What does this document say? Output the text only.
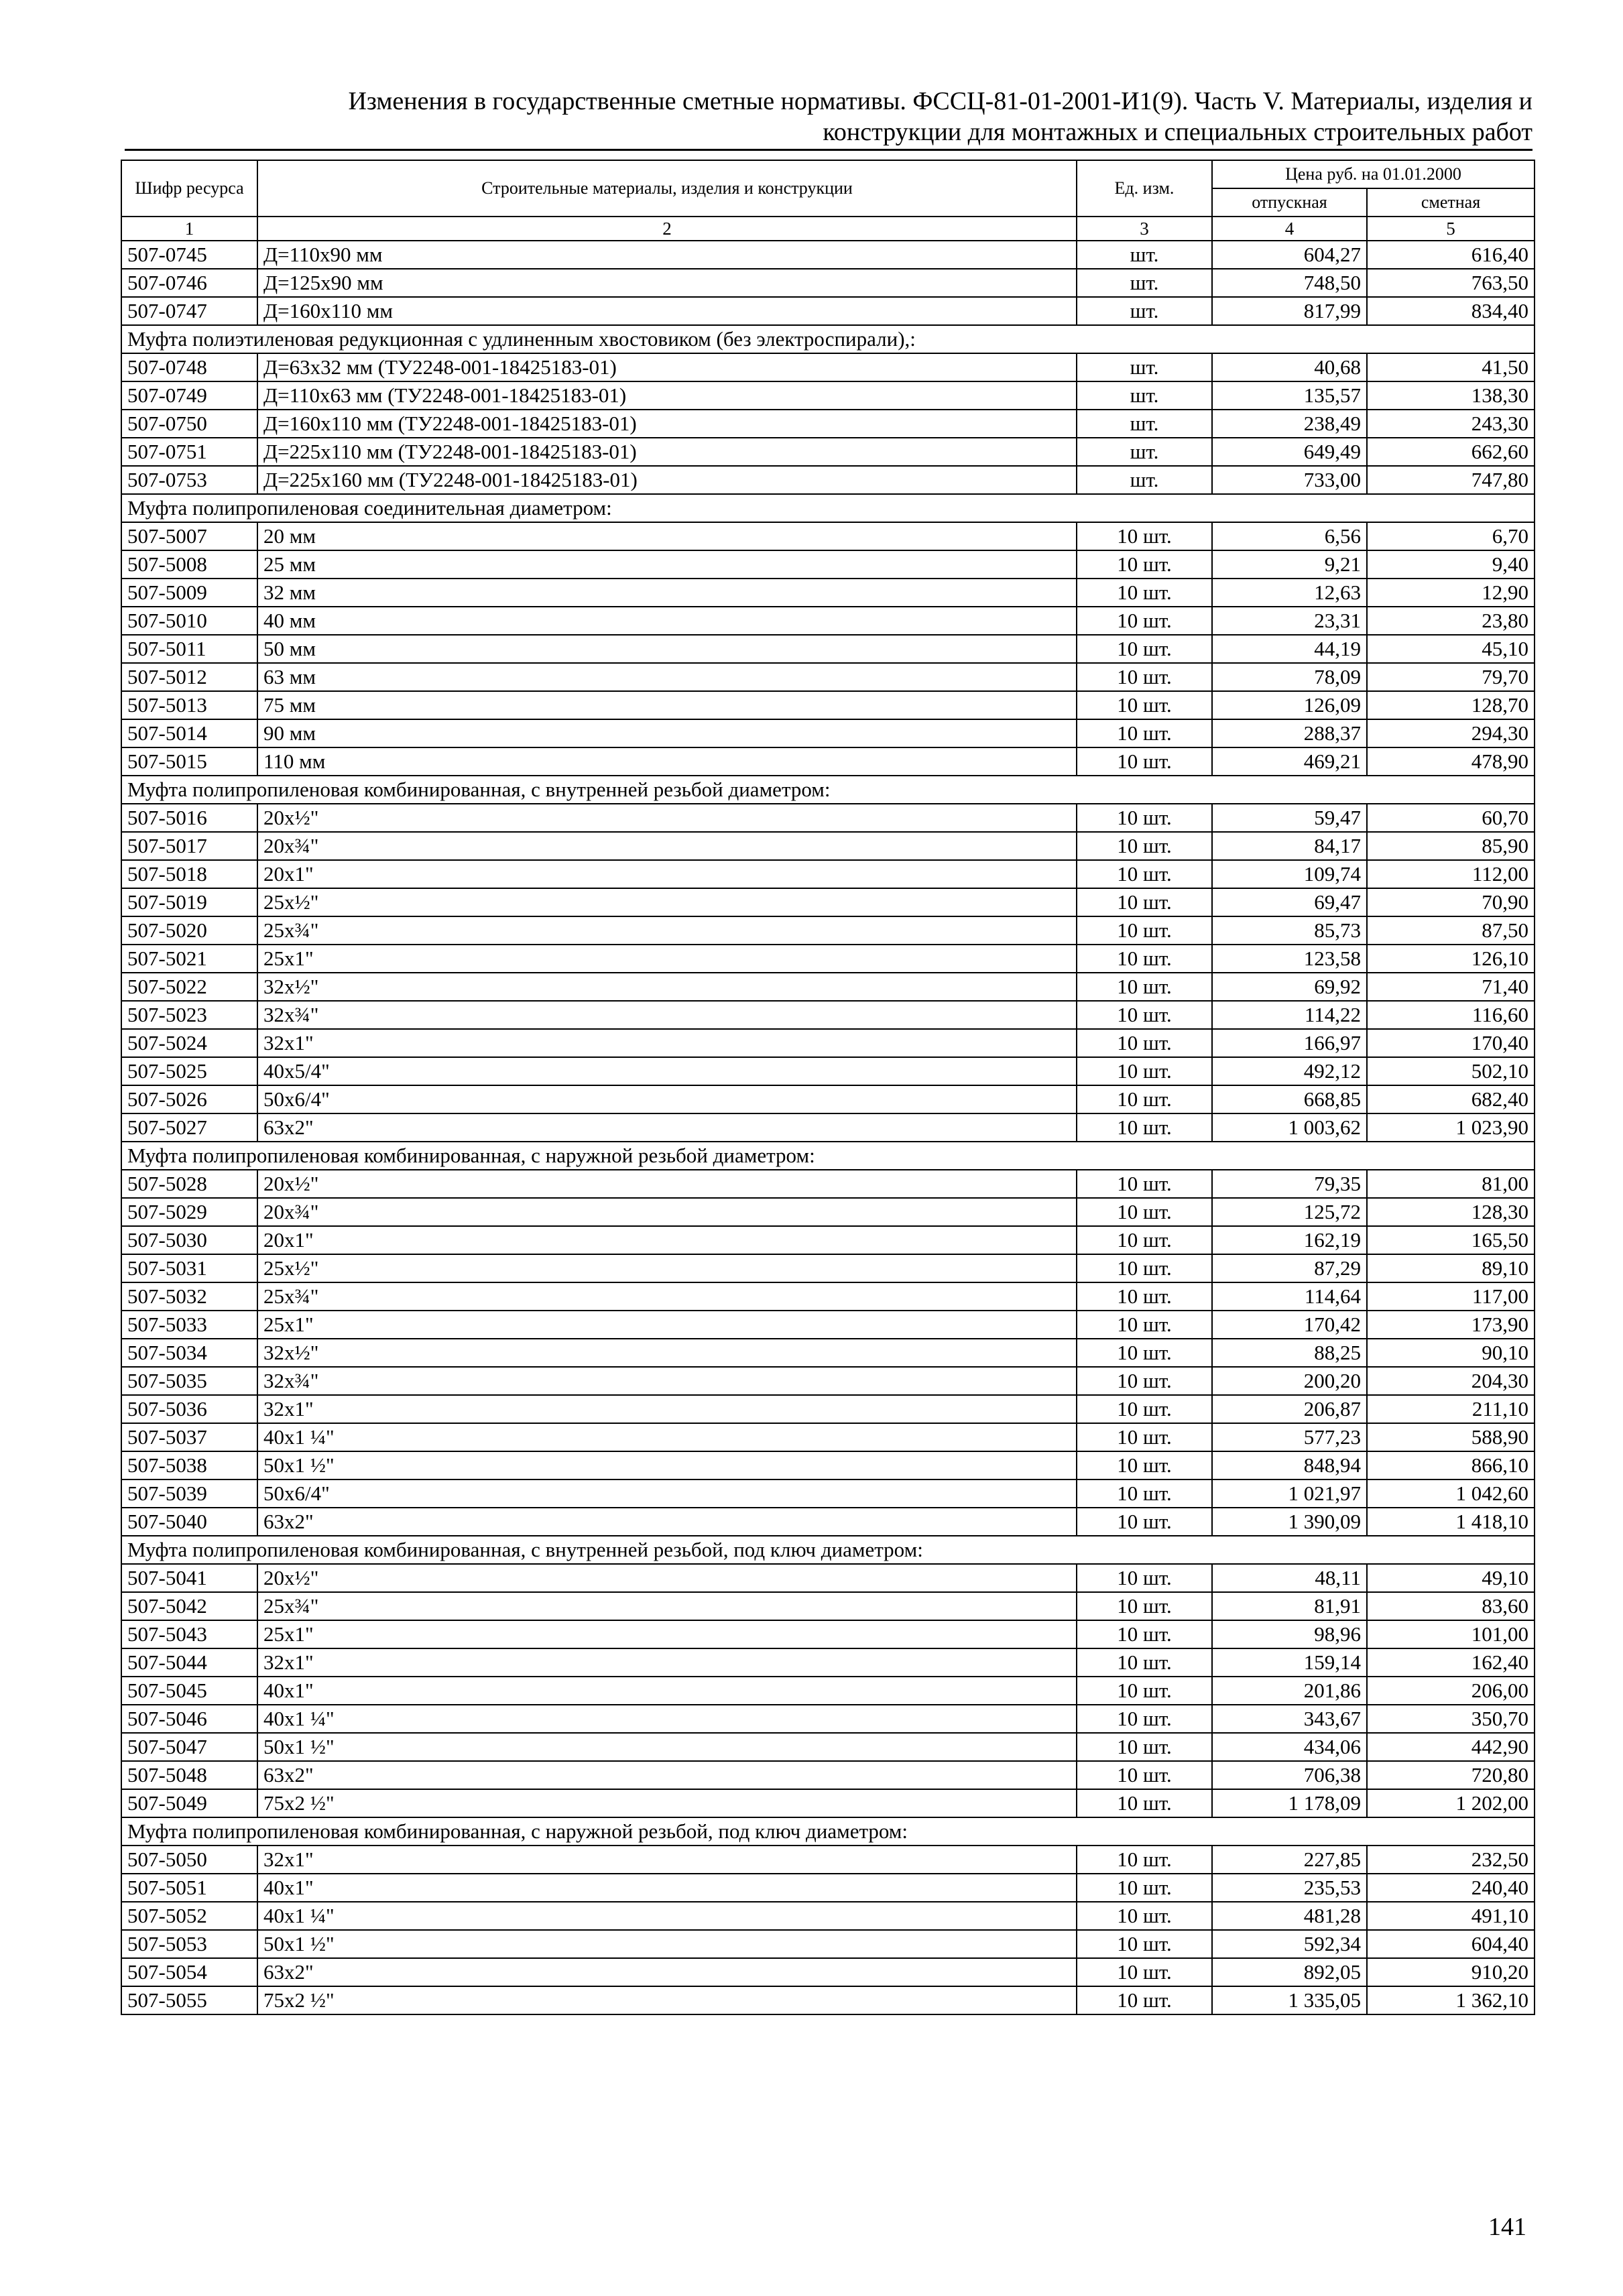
Изменения в государственные сметные нормативы. ФССЦ-81-01-2001-И1(9). Часть V. Материалы, изделия и
конструкции для монтажных и специальных строительных работ
Шифр ресурса	Строительные материалы, изделия и конструкции	Ед. изм.	Цена руб. на 01.01.2000	
			отпускная	сметная
1	2	3	4	5
507-0745	Д=110х90 мм	шт.	604,27	616,40
507-0746	Д=125х90 мм	шт.	748,50	763,50
507-0747	Д=160х110 мм	шт.	817,99	834,40
Муфта полиэтиленовая редукционная с удлиненным хвостовиком (без электроспирали),:				
507-0748	Д=63х32 мм (ТУ2248-001-18425183-01)	шт.	40,68	41,50
507-0749	Д=110х63 мм (ТУ2248-001-18425183-01)	шт.	135,57	138,30
507-0750	Д=160х110 мм (ТУ2248-001-18425183-01)	шт.	238,49	243,30
507-0751	Д=225х110 мм (ТУ2248-001-18425183-01)	шт.	649,49	662,60
507-0753	Д=225х160 мм (ТУ2248-001-18425183-01)	шт.	733,00	747,80
Муфта полипропиленовая соединительная диаметром:				
507-5007	20 мм	10 шт.	6,56	6,70
507-5008	25 мм	10 шт.	9,21	9,40
507-5009	32 мм	10 шт.	12,63	12,90
507-5010	40 мм	10 шт.	23,31	23,80
507-5011	50 мм	10 шт.	44,19	45,10
507-5012	63 мм	10 шт.	78,09	79,70
507-5013	75 мм	10 шт.	126,09	128,70
507-5014	90 мм	10 шт.	288,37	294,30
507-5015	110 мм	10 шт.	469,21	478,90
Муфта полипропиленовая комбинированная, с внутренней резьбой диаметром:				
507-5016	20х½"	10 шт.	59,47	60,70
507-5017	20х¾"	10 шт.	84,17	85,90
507-5018	20х1"	10 шт.	109,74	112,00
507-5019	25х½"	10 шт.	69,47	70,90
507-5020	25х¾"	10 шт.	85,73	87,50
507-5021	25х1"	10 шт.	123,58	126,10
507-5022	32х½"	10 шт.	69,92	71,40
507-5023	32х¾"	10 шт.	114,22	116,60
507-5024	32х1"	10 шт.	166,97	170,40
507-5025	40х5/4"	10 шт.	492,12	502,10
507-5026	50х6/4"	10 шт.	668,85	682,40
507-5027	63х2"	10 шт.	1 003,62	1 023,90
Муфта полипропиленовая комбинированная, с наружной резьбой диаметром:				
507-5028	20х½"	10 шт.	79,35	81,00
507-5029	20х¾"	10 шт.	125,72	128,30
507-5030	20х1"	10 шт.	162,19	165,50
507-5031	25х½"	10 шт.	87,29	89,10
507-5032	25х¾"	10 шт.	114,64	117,00
507-5033	25х1"	10 шт.	170,42	173,90
507-5034	32х½"	10 шт.	88,25	90,10
507-5035	32х¾"	10 шт.	200,20	204,30
507-5036	32х1"	10 шт.	206,87	211,10
507-5037	40х1 ¼"	10 шт.	577,23	588,90
507-5038	50х1 ½"	10 шт.	848,94	866,10
507-5039	50х6/4"	10 шт.	1 021,97	1 042,60
507-5040	63х2"	10 шт.	1 390,09	1 418,10
Муфта полипропиленовая комбинированная, с внутренней резьбой, под ключ диаметром:				
507-5041	20х½"	10 шт.	48,11	49,10
507-5042	25х¾"	10 шт.	81,91	83,60
507-5043	25х1"	10 шт.	98,96	101,00
507-5044	32х1"	10 шт.	159,14	162,40
507-5045	40х1"	10 шт.	201,86	206,00
507-5046	40х1 ¼"	10 шт.	343,67	350,70
507-5047	50х1 ½"	10 шт.	434,06	442,90
507-5048	63х2"	10 шт.	706,38	720,80
507-5049	75х2 ½"	10 шт.	1 178,09	1 202,00
Муфта полипропиленовая комбинированная, с наружной резьбой, под ключ диаметром:				
507-5050	32х1"	10 шт.	227,85	232,50
507-5051	40х1"	10 шт.	235,53	240,40
507-5052	40х1 ¼"	10 шт.	481,28	491,10
507-5053	50х1 ½"	10 шт.	592,34	604,40
507-5054	63х2"	10 шт.	892,05	910,20
507-5055	75х2 ½"	10 шт.	1 335,05	1 362,10
141
